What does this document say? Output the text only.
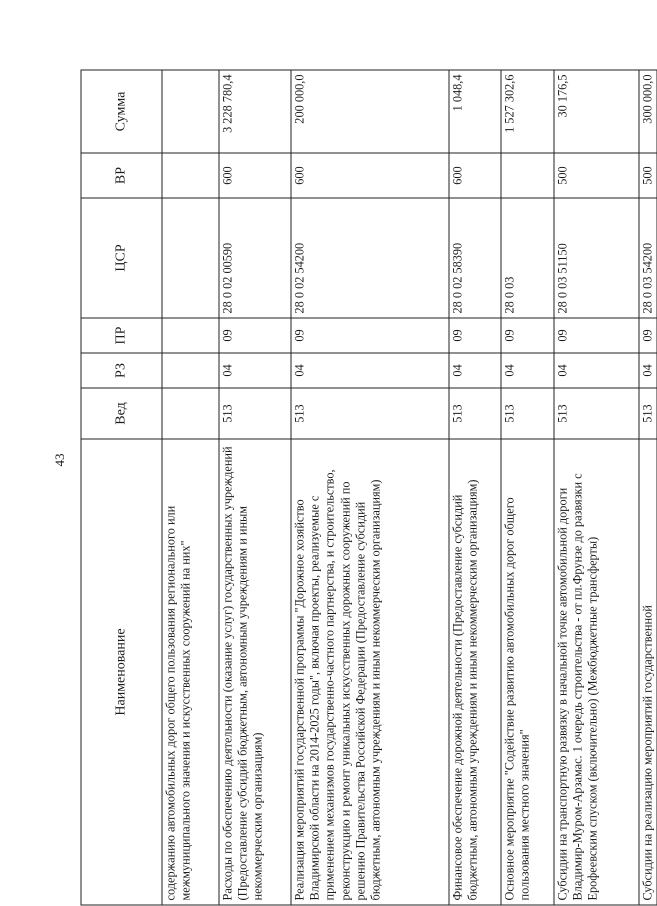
43
Наименование	Вед	РЗ	ПР	ЦСР	ВР	Сумма
содержанию автомобильных дорог общего пользования регионального или межмуниципального значения и искусственных сооружений на них"						
Расходы по обеспечению деятельности (оказание услуг) государственных учреждений (Предоставление субсидий бюджетным, автономным учреждениям и иным некоммерческим организациям)	513	04	09	28 0 02 00590	600	3 228 780,4
Реализация мероприятий государственной программы "Дорожное хозяйство Владимирской области на 2014-2025 годы", включая проекты, реализуемые с применением механизмов государственно-частного партнерства, и строительство, реконструкцию и ремонт уникальных искусственных дорожных сооружений по решению Правительства Российской Федерации (Предоставление субсидий бюджетным, автономным учреждениям и иным некоммерческим организациям)	513	04	09	28 0 02 54200	600	200 000,0
Финансовое обеспечение дорожной деятельности (Предоставление субсидий бюджетным, автономным учреждениям и иным некоммерческим организациям)	513	04	09	28 0 02 58390	600	1 048,4
Основное мероприятие "Содействие развитию автомобильных дорог общего пользования местного значения"	513	04	09	28 0 03		1 527 302,6
Субсидии на транспортную развязку в начальной точке автомобильной дороги Владимир-Муром-Арзамас. 1 очередь строительства - от пл.Фрунзе до развязки с Ерофеевским спуском (включительно) (Межбюджетные трансферты)	513	04	09	28 0 03 51150	500	30 176,5
Субсидии на реализацию мероприятий государственной	513	04	09	28 0 03 54200	500	300 000,0
